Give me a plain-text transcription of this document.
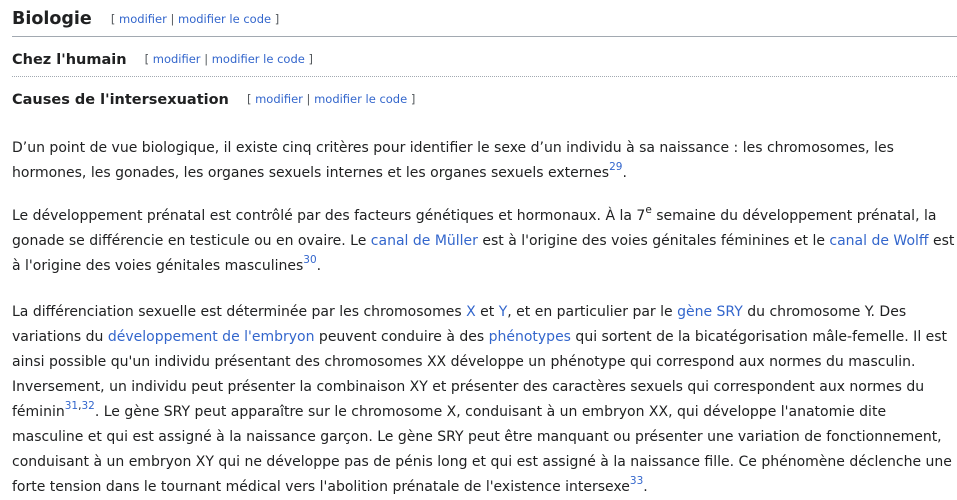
Biologie [ modifier | modifier le code ]
Chez l'humain [ modifier | modifier le code ]
Causes de l'intersexuation [ modifier | modifier le code ]

D’un point de vue biologique, il existe cinq critères pour identifier le sexe d’un individu à sa naissance : les chromosomes, les hormones, les gonades, les organes sexuels internes et les organes sexuels externes$^{29}$.

Le développement prénatal est contrôlé par des facteurs génétiques et hormonaux. À la 7e semaine du développement prénatal, la gonade se différencie en testicule ou en ovaire. Le canal de Müller est à l'origine des voies génitales féminines et le canal de Wolff est à l'origine des voies génitales masculines$^{30}$.

La différenciation sexuelle est déterminée par les chromosomes X et Y, et en particulier par le gène SRY du chromosome Y. Des variations du développement de l'embryon peuvent conduire à des phénotypes qui sortent de la bicatégorisation mâle-femelle. Il est ainsi possible qu'un individu présentant des chromosomes XX développe un phénotype qui correspond aux normes du masculin. Inversement, un individu peut présenter la combinaison XY et présenter des caractères sexuels qui correspondent aux normes du féminin$^{31,32}$. Le gène SRY peut apparaître sur le chromosome X, conduisant à un embryon XX, qui développe l'anatomie dite masculine et qui est assigné à la naissance garçon. Le gène SRY peut être manquant ou présenter une variation de fonctionnement, conduisant à un embryon XY qui ne développe pas de pénis long et qui est assigné à la naissance fille. Ce phénomène déclenche une forte tension dans le tournant médical vers l'abolition prénatale de l'existence intersexe$^{33}$.
